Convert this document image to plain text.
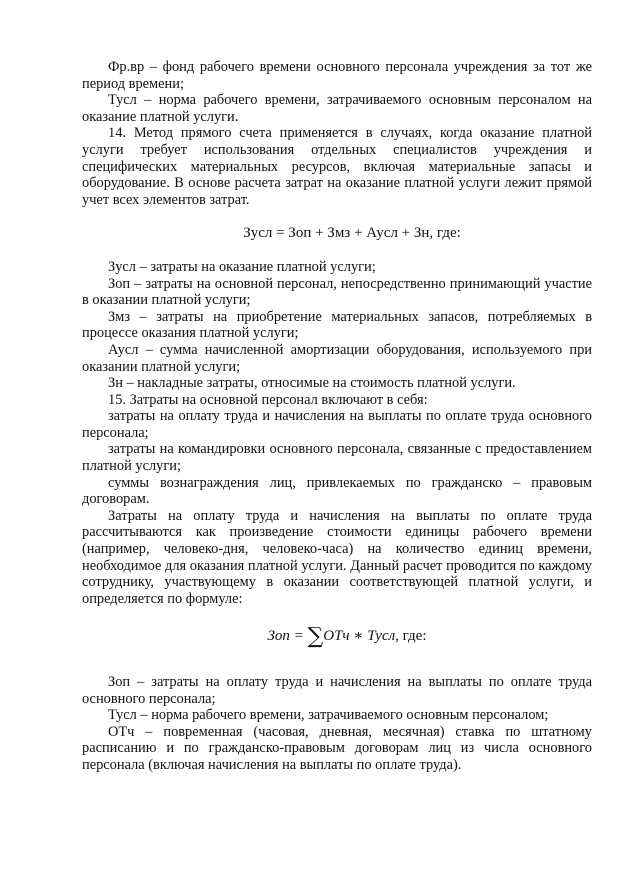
Фр.вр – фонд рабочего времени основного персонала учреждения за тот же период времени;

Тусл – норма рабочего времени, затрачиваемого основным персоналом на оказание платной услуги.

14. Метод прямого счета применяется в случаях, когда оказание платной услуги требует использования отдельных специалистов учреждения и специфических материальных ресурсов, включая материальные запасы и оборудование. В основе расчета затрат на оказание платной услуги лежит прямой учет всех элементов затрат.

Зусл = Зоп + Змз + Аусл + Зн, где:

Зусл – затраты на оказание платной услуги;

Зоп – затраты на основной персонал, непосредственно принимающий участие в оказании платной услуги;

Змз – затраты на приобретение материальных запасов, потребляемых в процессе оказания платной услуги;

Аусл – сумма начисленной амортизации оборудования, используемого при оказании платной услуги;

Зн – накладные затраты, относимые на стоимость платной услуги.

15. Затраты на основной персонал включают в себя:

затраты на оплату труда и начисления на выплаты по оплате труда основного персонала;

затраты на командировки основного персонала, связанные с предоставлением платной услуги;

суммы вознаграждения лиц, привлекаемых по гражданско – правовым договорам.

Затраты на оплату труда и начисления на выплаты по оплате труда рассчитываются как произведение стоимости единицы рабочего времени (например, человеко-дня, человеко-часа) на количество единиц времени, необходимое для оказания платной услуги. Данный расчет проводится по каждому сотруднику, участвующему в оказании соответствующей платной услуги, и определяется по формуле:

Зоп = ∑ОТч ∗ Тусл, где:

Зоп – затраты на оплату труда и начисления на выплаты по оплате труда основного персонала;

Тусл – норма рабочего времени, затрачиваемого основным персоналом;

ОТч – повременная (часовая, дневная, месячная) ставка по штатному расписанию и по гражданско-правовым договорам лиц из числа основного персонала (включая начисления на выплаты по оплате труда).
